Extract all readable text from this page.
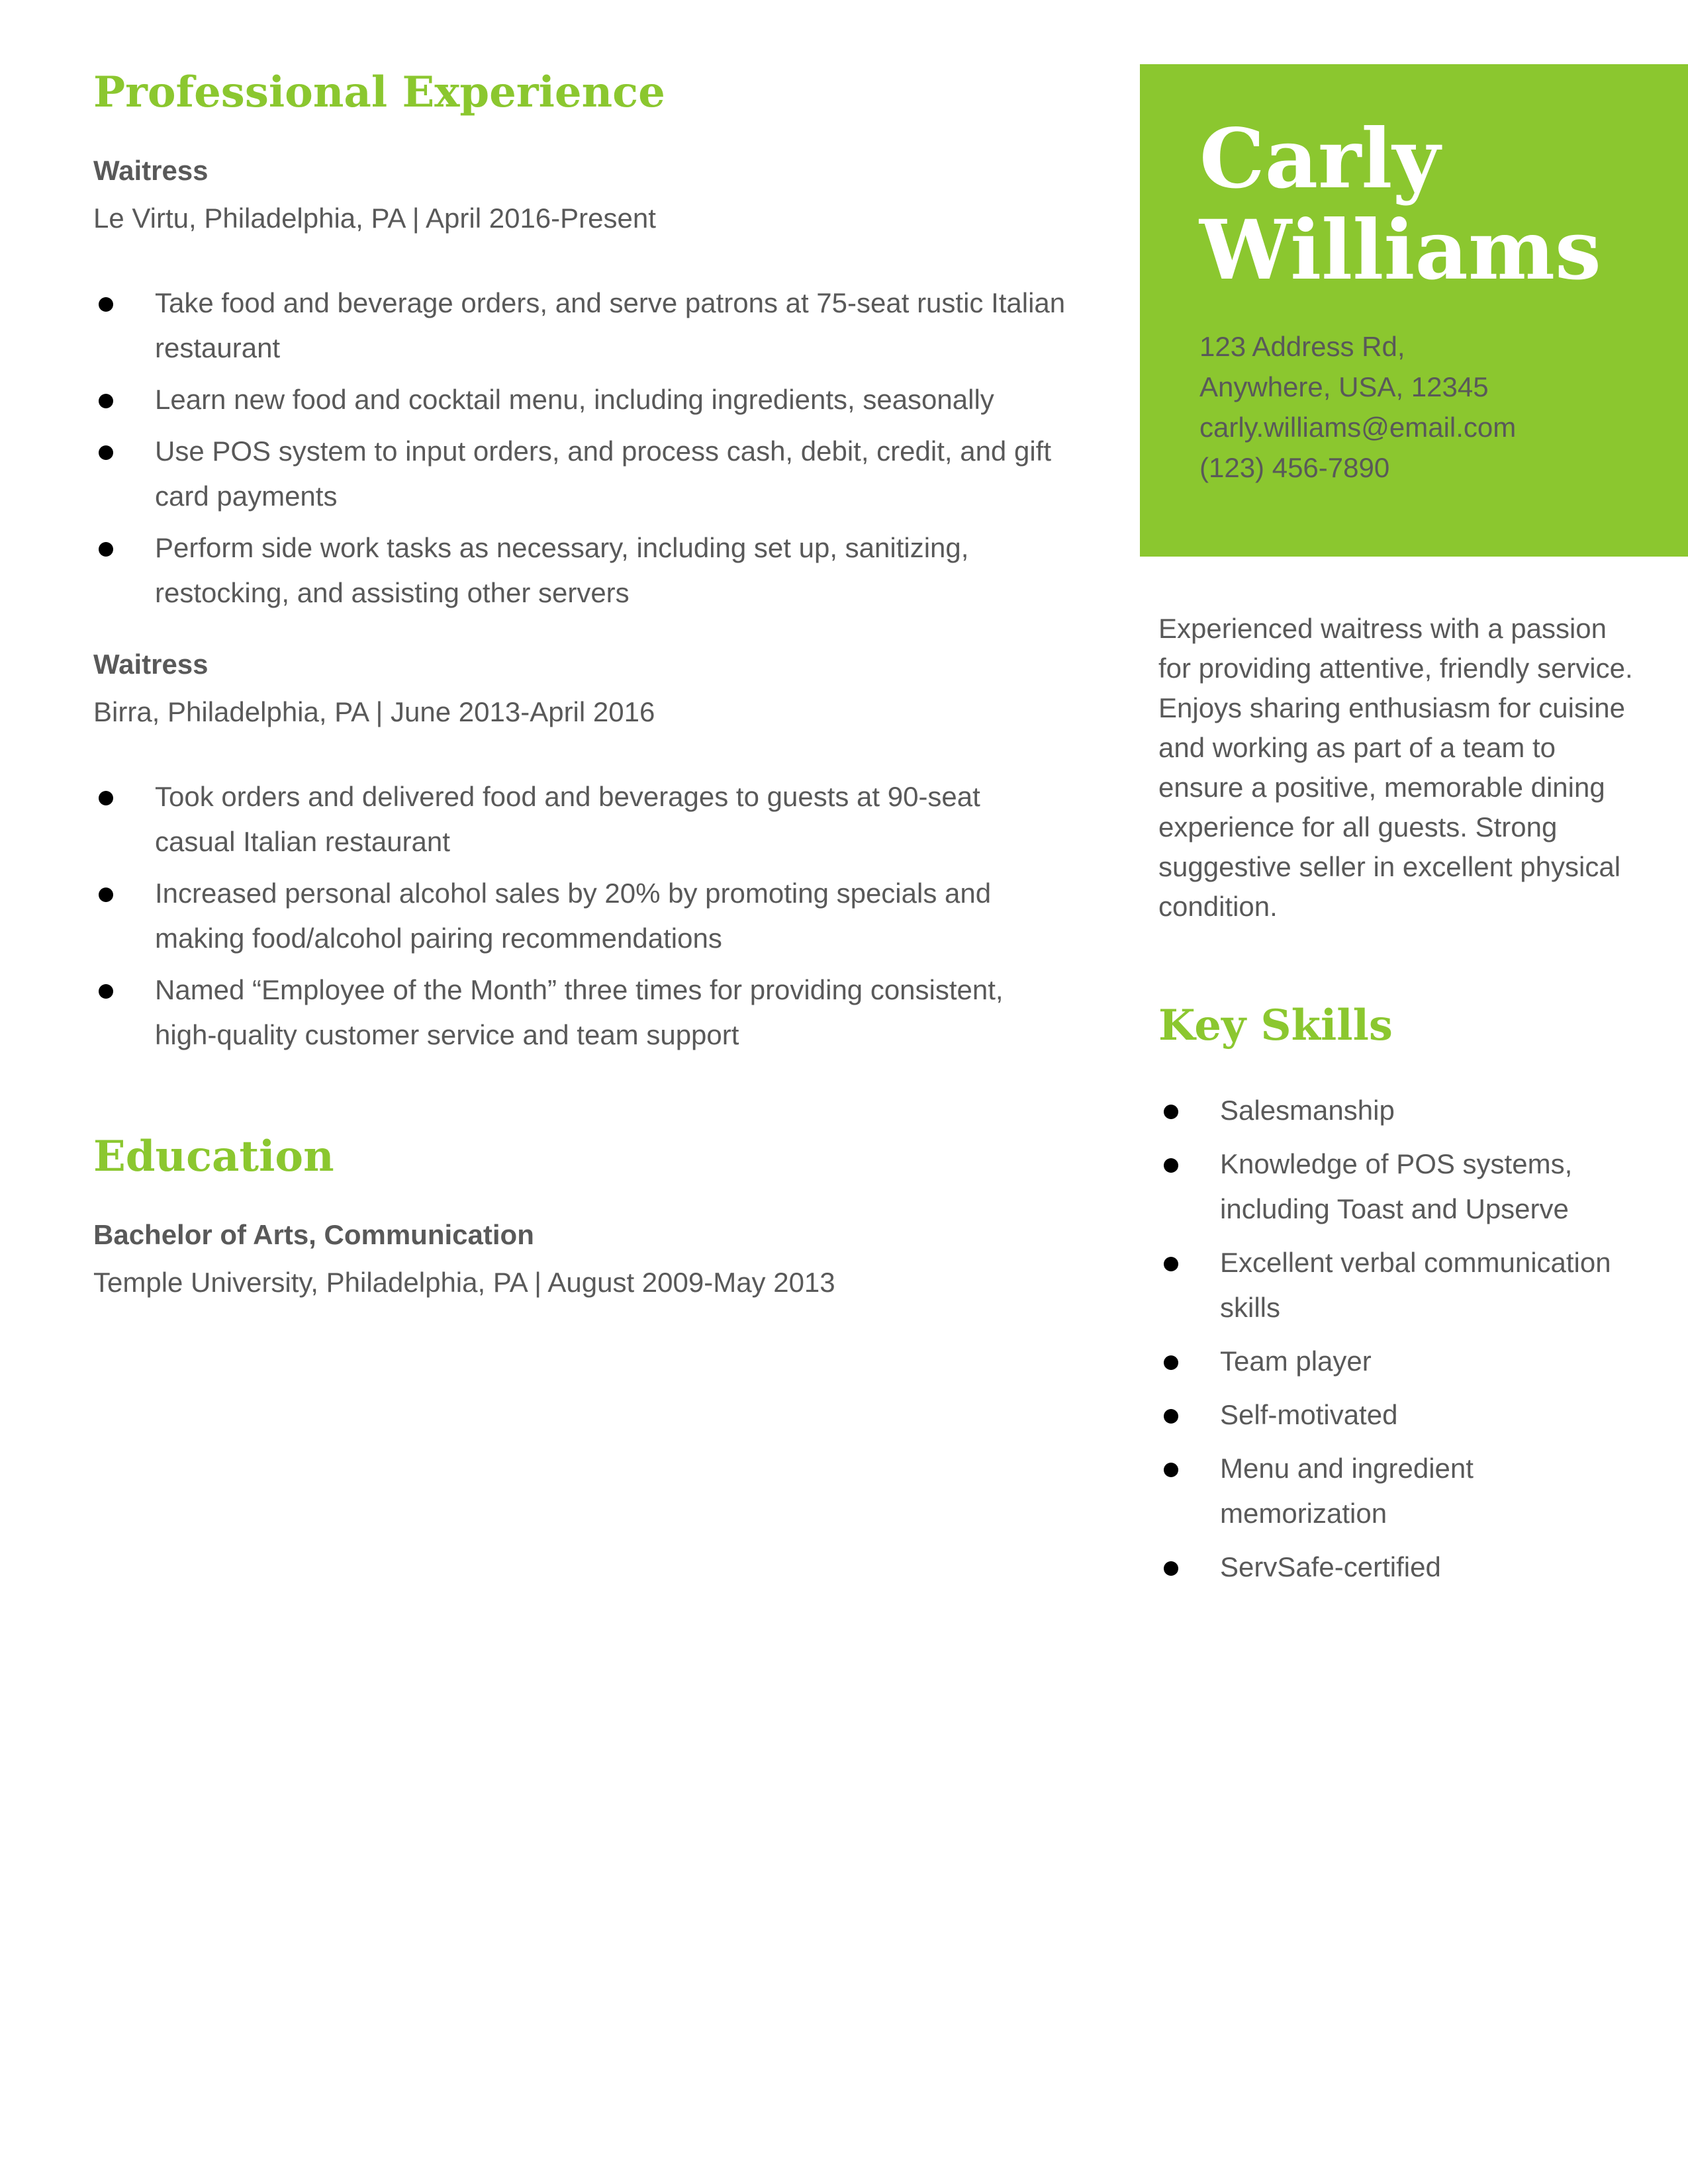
Professional Experience
Waitress
Le Virtu, Philadelphia, PA | April 2016-Present
Take food and beverage orders, and serve patrons at 75-seat rustic Italian restaurant
Learn new food and cocktail menu, including ingredients, seasonally
Use POS system to input orders, and process cash, debit, credit, and gift card payments
Perform side work tasks as necessary, including set up, sanitizing, restocking, and assisting other servers
Waitress
Birra, Philadelphia, PA | June 2013-April 2016
Took orders and delivered food and beverages to guests at 90-seat casual Italian restaurant
Increased personal alcohol sales by 20% by promoting specials and making food/alcohol pairing recommendations
Named “Employee of the Month” three times for providing consistent, high-quality customer service and team support
Education
Bachelor of Arts, Communication
Temple University, Philadelphia, PA | August 2009-May 2013
Carly
Williams
123 Address Rd,
Anywhere, USA, 12345
carly.williams@email.com
(123) 456-7890

Experienced waitress with a passion for providing attentive, friendly service. Enjoys sharing enthusiasm for cuisine and working as part of a team to ensure a positive, memorable dining experience for all guests. Strong suggestive seller in excellent physical condition.

Key Skills
Salesmanship
Knowledge of POS systems, including Toast and Upserve
Excellent verbal communication skills
Team player
Self-motivated
Menu and ingredient memorization
ServSafe-certified
